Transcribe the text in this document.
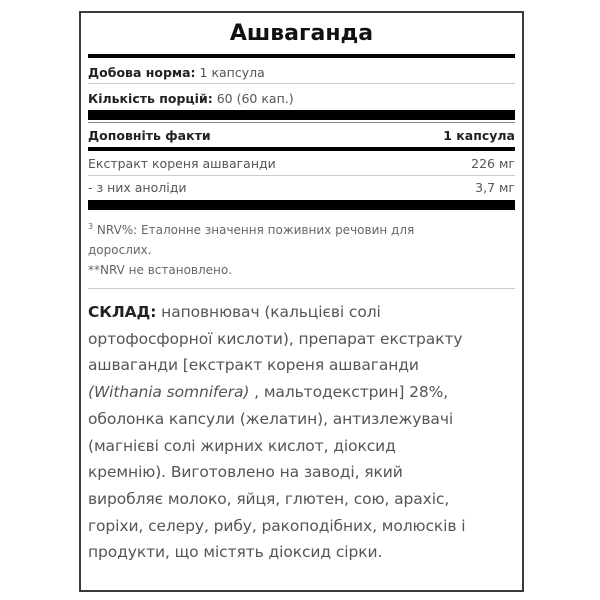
Ашваганда
Добова норма: 1 капсула
Кількість порцій: 60 (60 кап.)
Доповніть факти	1 капсула
Екстракт кореня ашваганди	226 мг
- з них аноліди	3,7 мг
$^3$ NRV%: Еталонне значення поживних речовин для
дорослих.
**NRV не встановлено.
СКЛАД: наповнювач (кальцієві солі
ортофосфорної кислоти), препарат екстракту
ашваганди [екстракт кореня ашваганди
(Withania somnifera) , мальтодекстрин] 28%,
оболонка капсули (желатин), антизлежувачі
(магнієві солі жирних кислот, діоксид
кремнію). Виготовлено на заводі, який
виробляє молоко, яйця, глютен, сою, арахіс,
горіхи, селеру, рибу, ракоподібних, молюсків і
продукти, що містять діоксид сірки.
